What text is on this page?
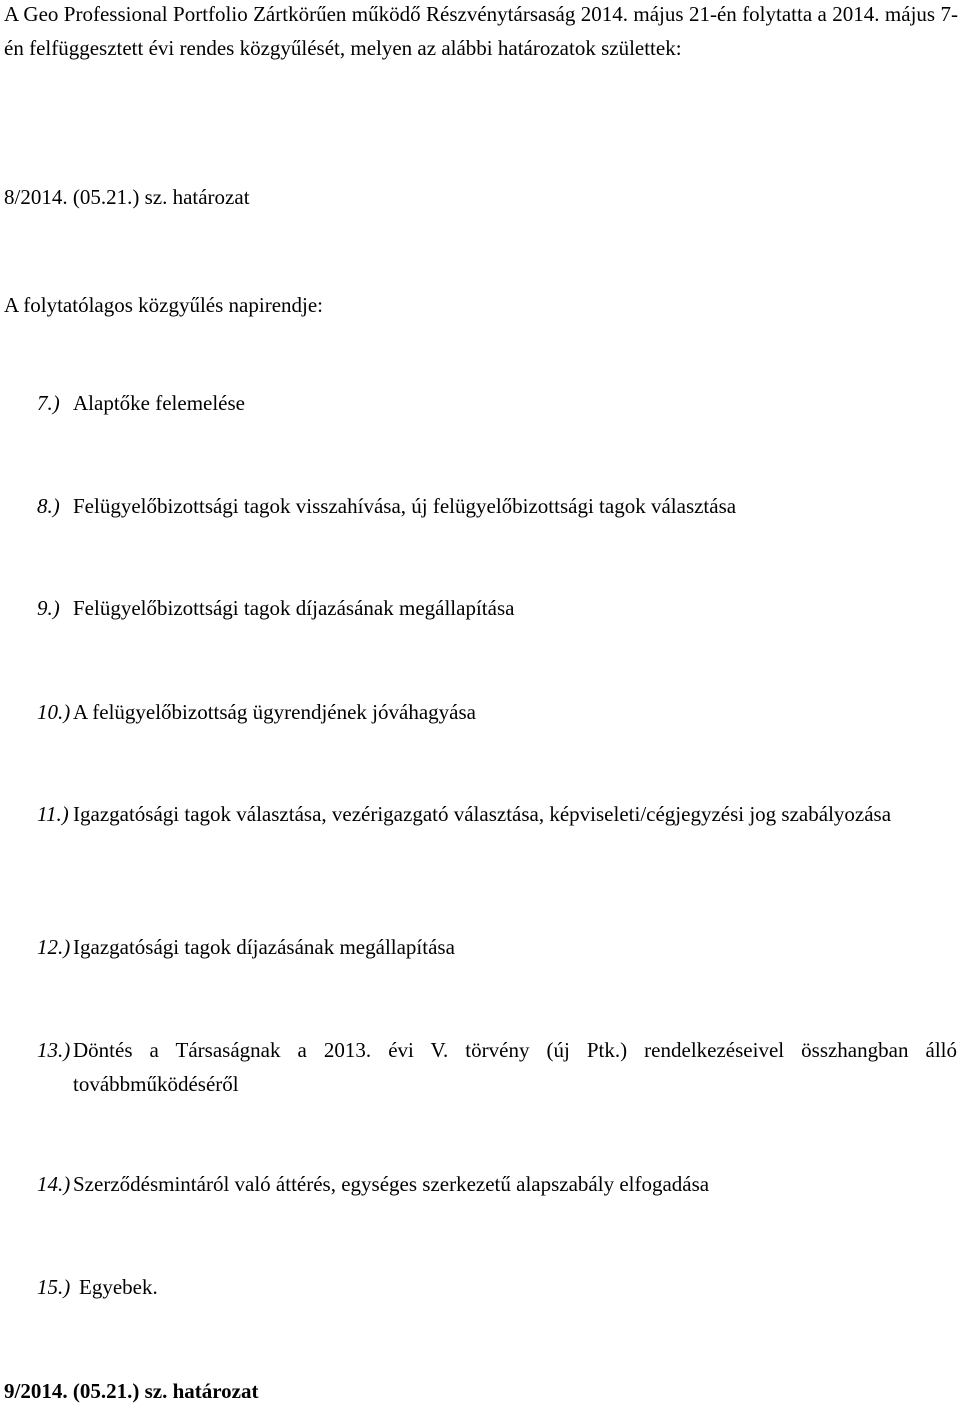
A Geo Professional Portfolio Zártkörűen működő Részvénytársaság 2014. május 21-én folytatta a 2014. május 7-én felfüggesztett évi rendes közgyűlését, melyen az alábbi határozatok születtek:
8/2014. (05.21.) sz. határozat
A folytatólagos közgyűlés napirendje:
7.) Alaptőke felemelése
8.) Felügyelőbizottsági tagok visszahívása, új felügyelőbizottsági tagok választása
9.) Felügyelőbizottsági tagok díjazásának megállapítása
10.) A felügyelőbizottság ügyrendjének jóváhagyása
11.) Igazgatósági tagok választása, vezérigazgató választása, képviseleti/cégjegyzési jog szabályozása
12.) Igazgatósági tagok díjazásának megállapítása
13.) Döntés a Társaságnak a 2013. évi V. törvény (új Ptk.) rendelkezéseivel összhangban álló továbbműködéséről
14.) Szerződésmintáról való áttérés, egységes szerkezetű alapszabály elfogadása
15.) Egyebek.
9/2014. (05.21.) sz. határozat
